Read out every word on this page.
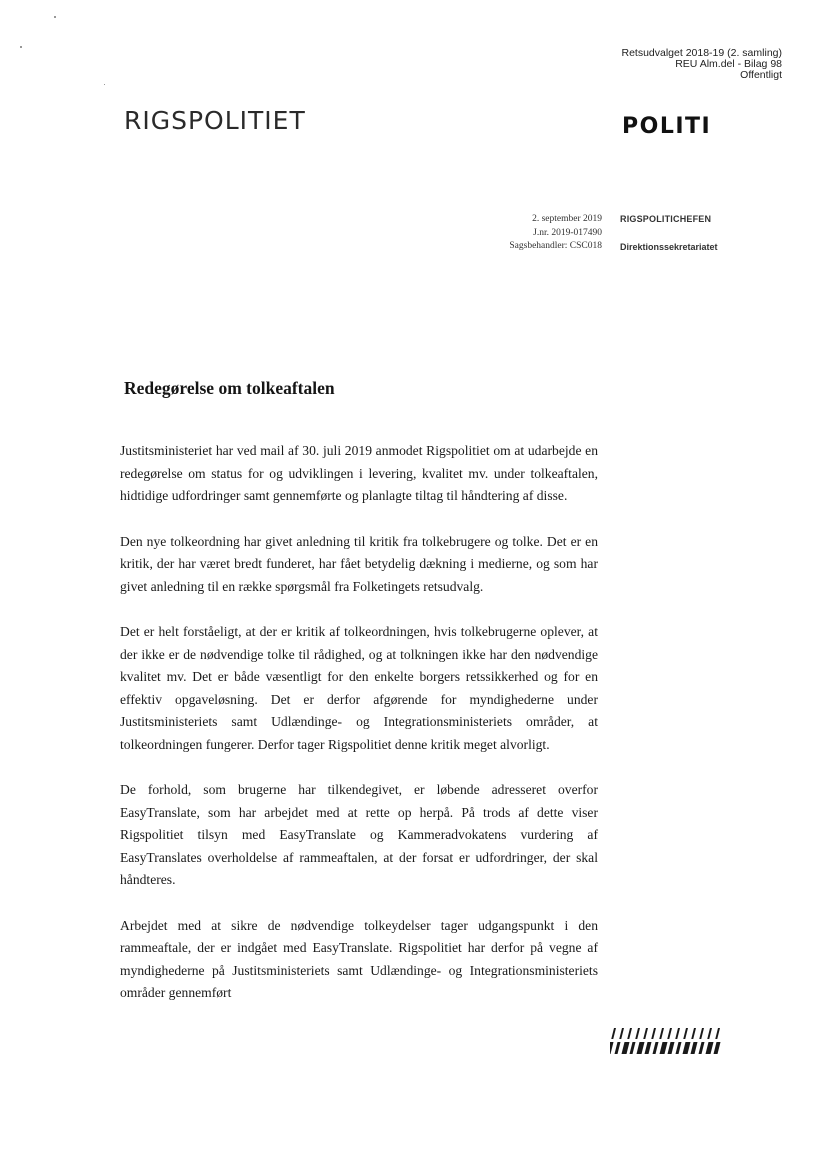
Retsudvalget 2018-19 (2. samling)
REU Alm.del - Bilag 98
Offentligt
RIGSPOLITIET	POLITI
2. september 2019
J.nr. 2019-017490
Sagsbehandler: CSC018
RIGSPOLITICHEFEN
Direktionssekretariatet
Redegørelse om tolkeaftalen

Justitsministeriet har ved mail af 30. juli 2019 anmodet Rigspolitiet om at udarbejde en redegørelse om status for og udviklingen i levering, kvalitet mv. under tolkeaftalen, hidtidige udfordringer samt gennemførte og planlagte tiltag til håndtering af disse.

Den nye tolkeordning har givet anledning til kritik fra tolkebrugere og tolke. Det er en kritik, der har været bredt funderet, har fået betydelig dækning i medierne, og som har givet anledning til en række spørgsmål fra Folketingets retsudvalg.

Det er helt forståeligt, at der er kritik af tolkeordningen, hvis tolkebrugerne oplever, at der ikke er de nødvendige tolke til rådighed, og at tolkningen ikke har den nødvendige kvalitet mv. Det er både væsentligt for den enkelte borgers retssikkerhed og for en effektiv opgaveløsning. Det er derfor afgørende for myndighederne under Justitsministeriets samt Udlændinge- og Integrationsministeriets områder, at tolkeordningen fungerer. Derfor tager Rigspolitiet denne kritik meget alvorligt.

De forhold, som brugerne har tilkendegivet, er løbende adresseret overfor EasyTranslate, som har arbejdet med at rette op herpå. På trods af dette viser Rigspolitiet tilsyn med EasyTranslate og Kammeradvokatens vurdering af EasyTranslates overholdelse af rammeaftalen, at der forsat er udfordringer, der skal håndteres.

Arbejdet med at sikre de nødvendige tolkeydelser tager udgangspunkt i den rammeaftale, der er indgået med EasyTranslate. Rigspolitiet har derfor på vegne af myndighederne på Justitsministeriets samt Udlændinge- og Integrationsministeriets områder gennemført
